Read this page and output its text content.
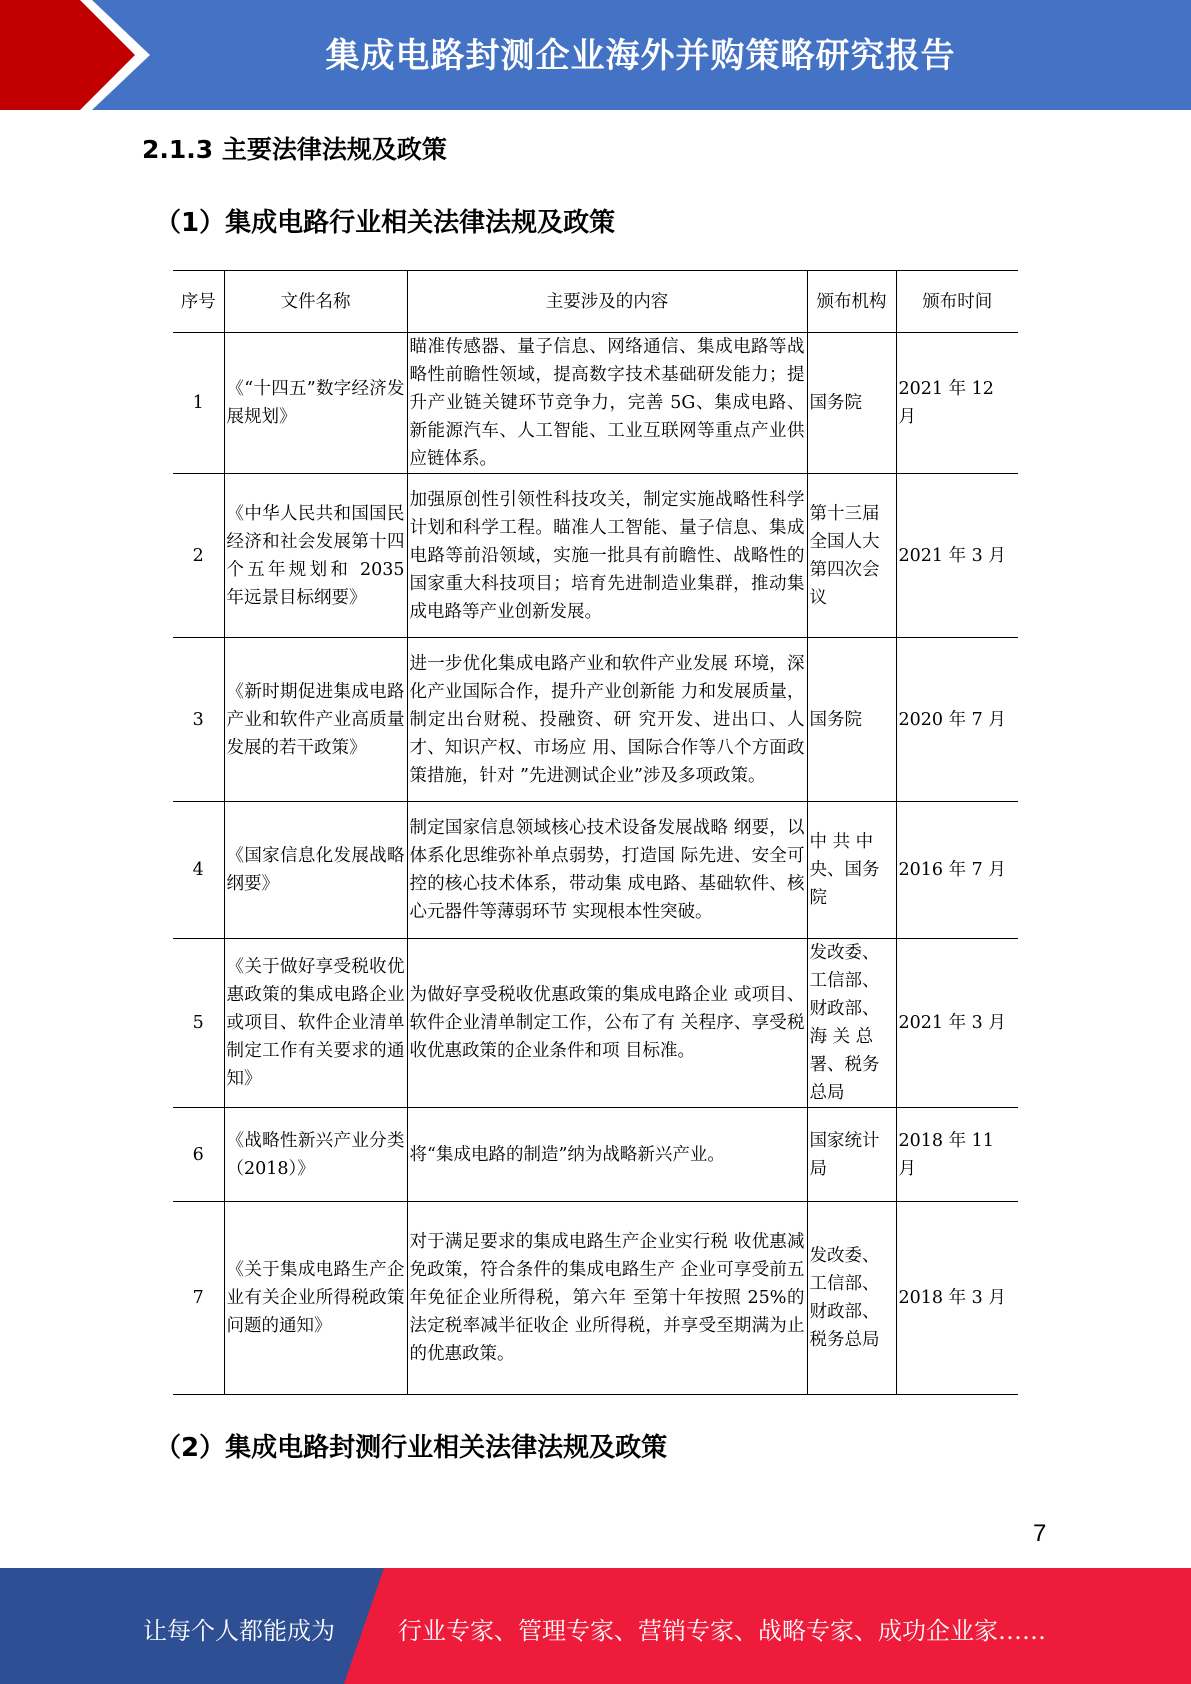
集成电路封测企业海外并购策略研究报告
2.1.3 主要法律法规及政策
（1）集成电路行业相关法律法规及政策
序号	文件名称	主要涉及的内容	颁布机构	颁布时间
1	《“十四五”数字经济发展规划》	瞄准传感器、量子信息、网络通信、集成电路等战略性前瞻性领域，提高数字技术基础研发能力；提升产业链关键环节竞争力，完善 5G、集成电路、新能源汽车、人工智能、工业互联网等重点产业供应链体系。	国务院	2021 年 12 月
2	《中华人民共和国国民经济和社会发展第十四个五年规划和 2035 年远景目标纲要》	加强原创性引领性科技攻关，制定实施战略性科学计划和科学工程。瞄准人工智能、量子信息、集成电路等前沿领域，实施一批具有前瞻性、战略性的国家重大科技项目；培育先进制造业集群，推动集成电路等产业创新发展。	第十三届全国人大第四次会议	2021 年 3 月
3	《新时期促进集成电路产业和软件产业高质量发展的若干政策》	进一步优化集成电路产业和软件产业发展 环境，深化产业国际合作，提升产业创新能 力和发展质量，制定出台财税、投融资、研 究开发、进出口、人才、知识产权、市场应 用、国际合作等八个方面政策措施，针对 ”先进测试企业”涉及多项政策。	国务院	2020 年 7 月
4	《国家信息化发展战略纲要》	制定国家信息领域核心技术设备发展战略 纲要，以体系化思维弥补单点弱势，打造国 际先进、安全可控的核心技术体系，带动集 成电路、基础软件、核心元器件等薄弱环节 实现根本性突破。	中 共 中央、国务院	2016 年 7 月
5	《关于做好享受税收优惠政策的集成电路企业或项目、软件企业清单制定工作有关要求的通知》	为做好享受税收优惠政策的集成电路企业 或项目、软件企业清单制定工作，公布了有 关程序、享受税收优惠政策的企业条件和项 目标准。	发改委、工信部、财政部、海 关 总署、税务总局	2021 年 3 月
6	《战略性新兴产业分类（2018）》	将“集成电路的制造”纳为战略新兴产业。	国家统计局	2018 年 11 月
7	《关于集成电路生产企业有关企业所得税政策问题的通知》	对于满足要求的集成电路生产企业实行税 收优惠减免政策，符合条件的集成电路生产 企业可享受前五年免征企业所得税，第六年 至第十年按照 25%的法定税率减半征收企 业所得税，并享受至期满为止的优惠政策。	发改委、工信部、财政部、税务总局	2018 年 3 月
（2）集成电路封测行业相关法律法规及政策
7
让每个人都能成为	行业专家、管理专家、营销专家、战略专家、成功企业家……
